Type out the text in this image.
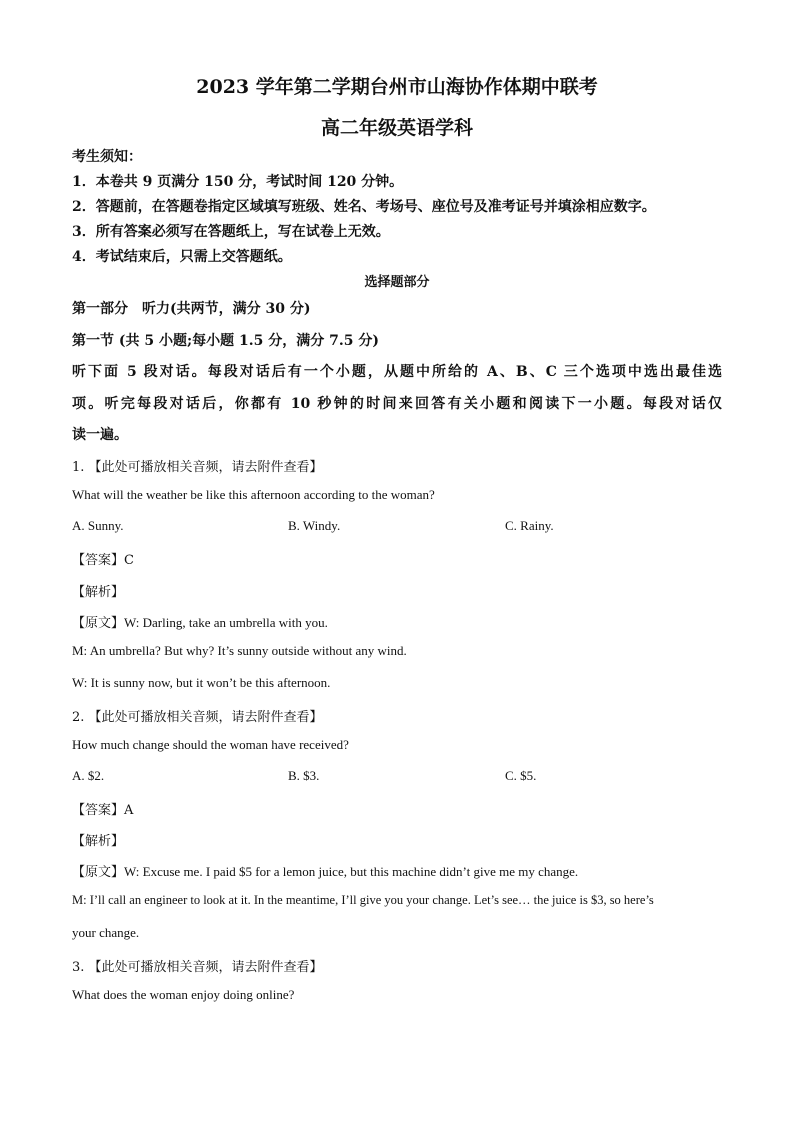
2023 学年第二学期台州市山海协作体期中联考
高二年级英语学科
考生须知：
1．本卷共 9 页满分 150 分，考试时间 120 分钟。
2．答题前，在答题卷指定区域填写班级、姓名、考场号、座位号及准考证号并填涂相应数字。
3．所有答案必须写在答题纸上，写在试卷上无效。
4．考试结束后，只需上交答题纸。
选择题部分
第一部分　听力(共两节，满分 30 分)
第一节 (共 5 小题;每小题 1.5 分，满分 7.5 分)
听下面 5 段对话。每段对话后有一个小题，从题中所给的 A、B、C 三个选项中选出最佳选
项。听完每段对话后，你都有 10 秒钟的时间来回答有关小题和阅读下一小题。每段对话仅
读一遍。
1. 【此处可播放相关音频，请去附件查看】
What will the weather be like this afternoon according to the woman?
A. Sunny.	B. Windy.	C. Rainy.
【答案】C
【解析】
【原文】W: Darling, take an umbrella with you.
M: An umbrella? But why? It’s sunny outside without any wind.
W: It is sunny now, but it won’t be this afternoon.
2. 【此处可播放相关音频，请去附件查看】
How much change should the woman have received?
A. $2.	B. $3.	C. $5.
【答案】A
【解析】
【原文】W: Excuse me. I paid $5 for a lemon juice, but this machine didn’t give me my change.
M: I’ll call an engineer to look at it. In the meantime, I’ll give you your change. Let’s see… the juice is $3, so here’s
your change.
3. 【此处可播放相关音频，请去附件查看】
What does the woman enjoy doing online?
